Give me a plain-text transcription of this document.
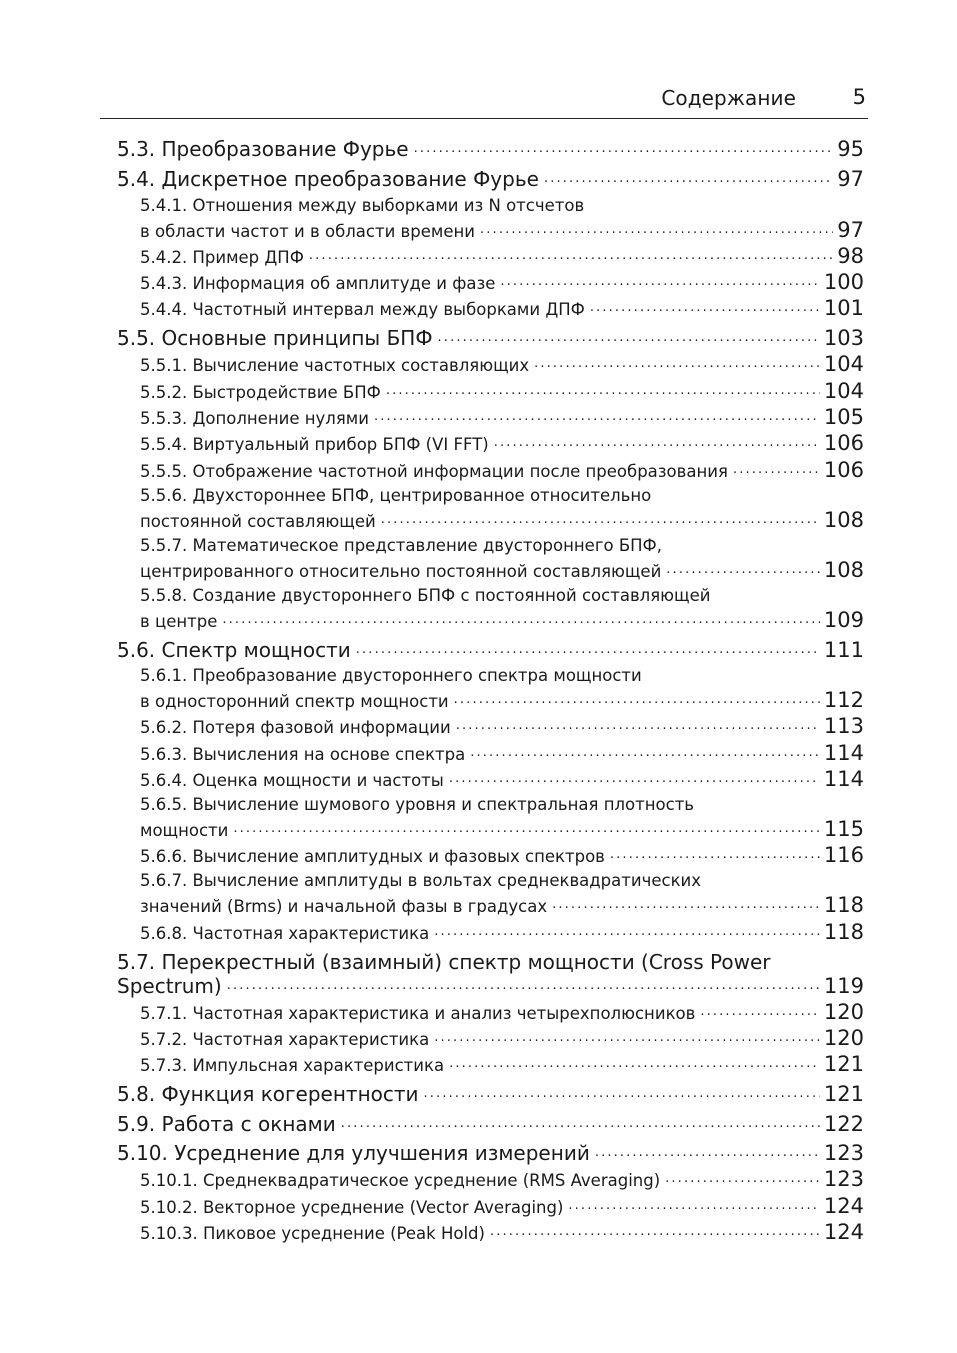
Содержание	5
5.3. Преобразование Фурье . . .	95
5.4. Дискретное преобразование Фурье . . .	97
5.4.1. Отношения между выборками из N отсчетов
в области частот и в области времени . . .	97
5.4.2. Пример ДПФ . . .	98
5.4.3. Информация об амплитуде и фазе . . .	100
5.4.4. Частотный интервал между выборками ДПФ . . .	101
5.5. Основные принципы БПФ . . .	103
5.5.1. Вычисление частотных составляющих . . .	104
5.5.2. Быстродействие БПФ . . .	104
5.5.3. Дополнение нулями . . .	105
5.5.4. Виртуальный прибор БПФ (VI FFT) . . .	106
5.5.5. Отображение частотной информации после преобразования . . .	106
5.5.6. Двухстороннее БПФ, центрированное относительно
постоянной составляющей . . .	108
5.5.7. Математическое представление двустороннего БПФ,
центрированного относительно постоянной составляющей . . .	108
5.5.8. Создание двустороннего БПФ с постоянной составляющей
в центре . . .	109
5.6. Спектр мощности . . .	111
5.6.1. Преобразование двустороннего спектра мощности
в односторонний спектр мощности . . .	112
5.6.2. Потеря фазовой информации . . .	113
5.6.3. Вычисления на основе спектра . . .	114
5.6.4. Оценка мощности и частоты . . .	114
5.6.5. Вычисление шумового уровня и спектральная плотность
мощности . . .	115
5.6.6. Вычисление амплитудных и фазовых спектров . . .	116
5.6.7. Вычисление амплитуды в вольтах среднеквадратических
значений (Brms) и начальной фазы в градусах . . .	118
5.6.8. Частотная характеристика . . .	118
5.7. Перекрестный (взаимный) спектр мощности (Cross Power
Spectrum) . . .	119
5.7.1. Частотная характеристика и анализ четырехполюсников . . .	120
5.7.2. Частотная характеристика . . .	120
5.7.3. Импульсная характеристика . . .	121
5.8. Функция когерентности . . .	121
5.9. Работа с окнами . . .	122
5.10. Усреднение для улучшения измерений . . .	123
5.10.1. Среднеквадратическое усреднение (RMS Averaging) . . .	123
5.10.2. Векторное усреднение (Vector Averaging) . . .	124
5.10.3. Пиковое усреднение (Peak Hold) . . .	124
